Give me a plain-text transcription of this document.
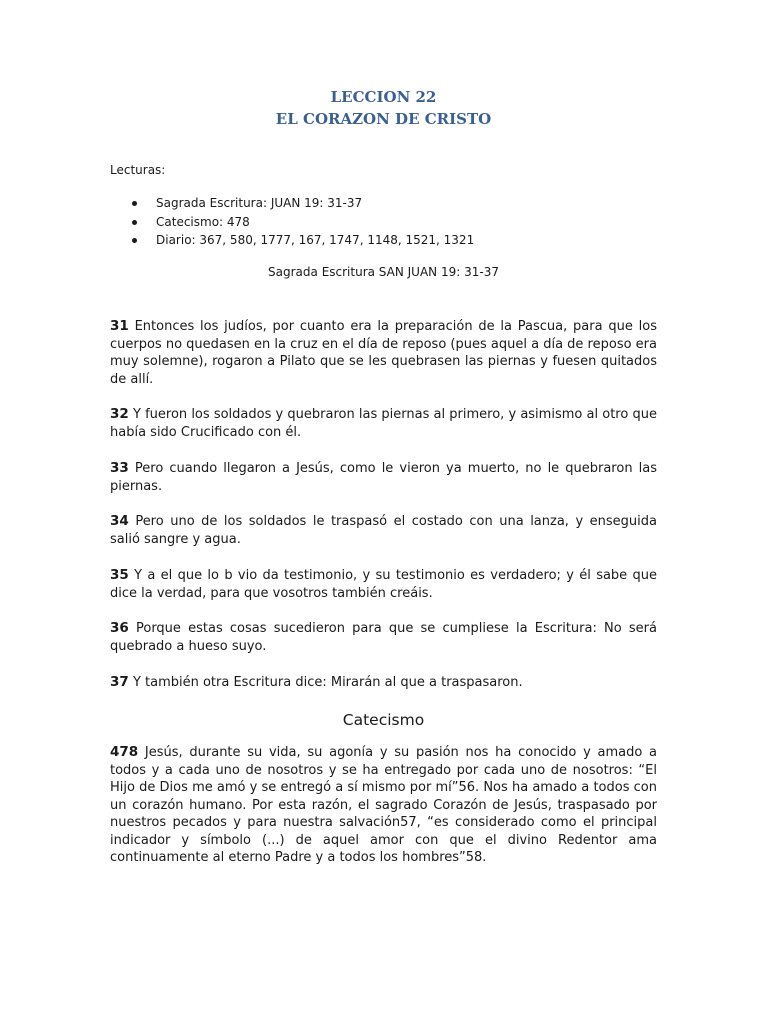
LECCION 22
EL CORAZON DE CRISTO
Lecturas:
Sagrada Escritura: JUAN 19: 31-37
Catecismo: 478
Diario: 367, 580, 1777, 167, 1747, 1148, 1521, 1321
Sagrada Escritura SAN JUAN 19: 31-37

31 Entonces los judíos, por cuanto era la preparación de la Pascua, para que los cuerpos no quedasen en la cruz en el día de reposo (pues aquel a día de reposo era muy solemne), rogaron a Pilato que se les quebrasen las piernas y fuesen quitados de allí.

32 Y fueron los soldados y quebraron las piernas al primero, y asimismo al otro que había sido Crucificado con él.

33 Pero cuando llegaron a Jesús, como le vieron ya muerto, no le quebraron las piernas.

34 Pero uno de los soldados le traspasó el costado con una lanza, y enseguida salió sangre y agua.

35 Y a el que lo b vio da testimonio, y su testimonio es verdadero; y él sabe que dice la verdad, para que vosotros también creáis.

36 Porque estas cosas sucedieron para que se cumpliese la Escritura: No será quebrado a hueso suyo.

37 Y también otra Escritura dice: Mirarán al que a traspasaron.

Catecismo

478 Jesús, durante su vida, su agonía y su pasión nos ha conocido y amado a todos y a cada uno de nosotros y se ha entregado por cada uno de nosotros: “El Hijo de Dios me amó y se entregó a sí mismo por mí”56. Nos ha amado a todos con un corazón humano. Por esta razón, el sagrado Corazón de Jesús, traspasado por nuestros pecados y para nuestra salvación57, “es considerado como el principal indicador y símbolo (...) de aquel amor con que el divino Redentor ama continuamente al eterno Padre y a todos los hombres”58.
